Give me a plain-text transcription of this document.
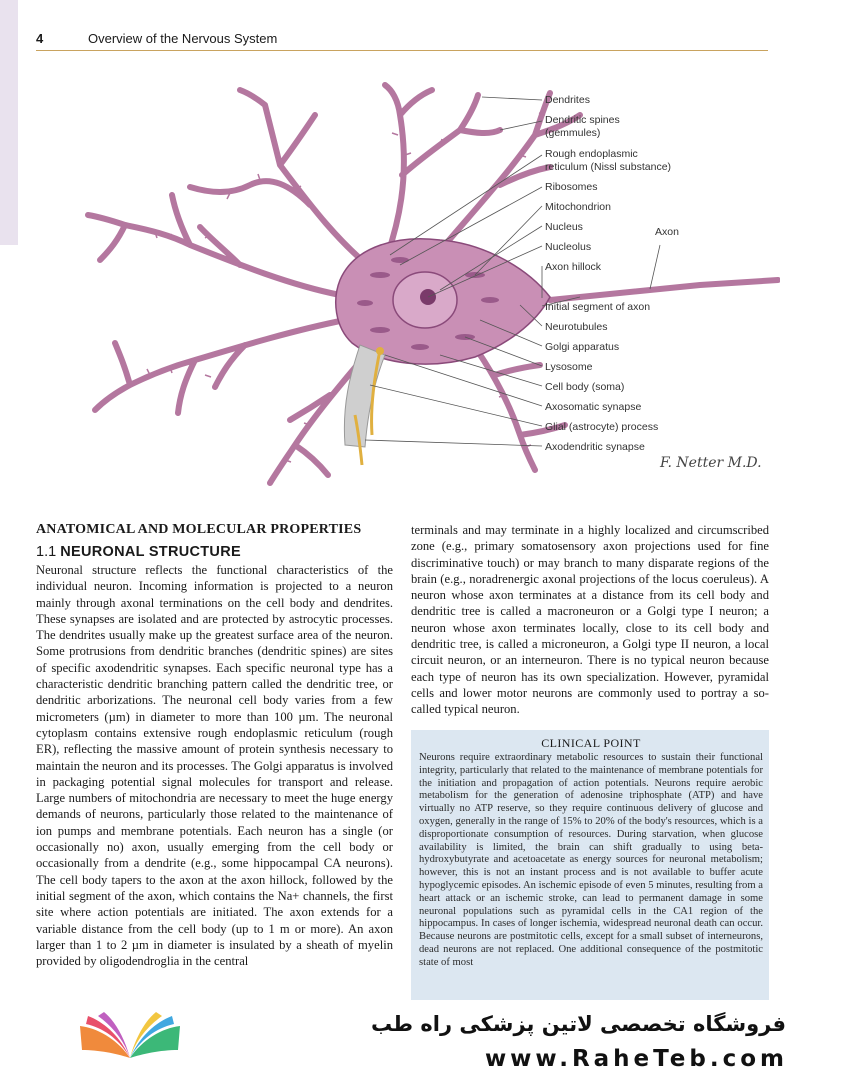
4	Overview of the Nervous System
Dendrites
Dendritic spines
(gemmules)
Rough endoplasmic
reticulum (Nissl substance)
Ribosomes
Mitochondrion
Nucleus
Nucleolus
Axon hillock
Initial segment of axon
Neurotubules
Golgi apparatus
Lysosome
Cell body (soma)
Axosomatic synapse
Glial (astrocyte) process
Axodendritic synapse
Axon
F. Netter M.D.
ANATOMICAL AND MOLECULAR PROPERTIES
1.1 NEURONAL STRUCTURE

Neuronal structure reflects the functional characteristics of the individual neuron. Incoming information is projected to a neuron mainly through axonal terminations on the cell body and dendrites. These synapses are isolated and are protected by astrocytic processes. The dendrites usually make up the greatest surface area of the neuron. Some protrusions from dendritic branches (dendritic spines) are sites of specific axodendritic synapses. Each specific neuronal type has a characteristic dendritic branching pattern called the dendritic tree, or dendritic arborizations. The neuronal cell body varies from a few micrometers (µm) in diameter to more than 100 µm. The neuronal cytoplasm contains extensive rough endoplasmic reticulum (rough ER), reflecting the massive amount of protein synthesis necessary to maintain the neuron and its processes. The Golgi apparatus is involved in packaging potential signal molecules for transport and release. Large numbers of mitochondria are necessary to meet the huge energy demands of neurons, particularly those related to the maintenance of ion pumps and membrane potentials. Each neuron has a single (or occasionally no) axon, usually emerging from the cell body or occasionally from a dendrite (e.g., some hippocampal CA neurons). The cell body tapers to the axon at the axon hillock, followed by the initial segment of the axon, which contains the Na+ channels, the first site where action potentials are initiated. The axon extends for a variable distance from the cell body (up to 1 m or more). An axon larger than 1 to 2 µm in diameter is insulated by a sheath of myelin provided by oligodendroglia in the central

terminals and may terminate in a highly localized and circumscribed zone (e.g., primary somatosensory axon projections used for fine discriminative touch) or may branch to many disparate regions of the brain (e.g., noradrenergic axonal projections of the locus coeruleus). A neuron whose axon terminates at a distance from its cell body and dendritic tree is called a macroneuron or a Golgi type I neuron; a neuron whose axon terminates locally, close to its cell body and dendritic tree, is called a microneuron, a Golgi type II neuron, a local circuit neuron, or an interneuron. There is no typical neuron because each type of neuron has its own specialization. However, pyramidal cells and lower motor neurons are commonly used to portray a so-called typical neuron.

CLINICAL POINT

Neurons require extraordinary metabolic resources to sustain their functional integrity, particularly that related to the maintenance of membrane potentials for the initiation and propagation of action potentials. Neurons require aerobic metabolism for the generation of adenosine triphosphate (ATP) and have virtually no ATP reserve, so they require continuous delivery of glucose and oxygen, generally in the range of 15% to 20% of the body's resources, which is a disproportionate consumption of resources. During starvation, when glucose availability is limited, the brain can shift gradually to using beta-hydroxybutyrate and acetoacetate as energy sources for neuronal metabolism; however, this is not an instant process and is not available to buffer acute hypoglycemic episodes. An ischemic episode of even 5 minutes, resulting from a heart attack or an ischemic stroke, can lead to permanent damage in some neuronal populations such as pyramidal cells in the CA1 region of the hippocampus. In cases of longer ischemia, widespread neuronal death can occur. Because neurons are postmitotic cells, except for a small subset of interneurons, dead neurons are not replaced. One additional consequence of the postmitotic state of most

فروشگاه تخصصی لاتین پزشکی راه طب
www.RaheTeb.com
